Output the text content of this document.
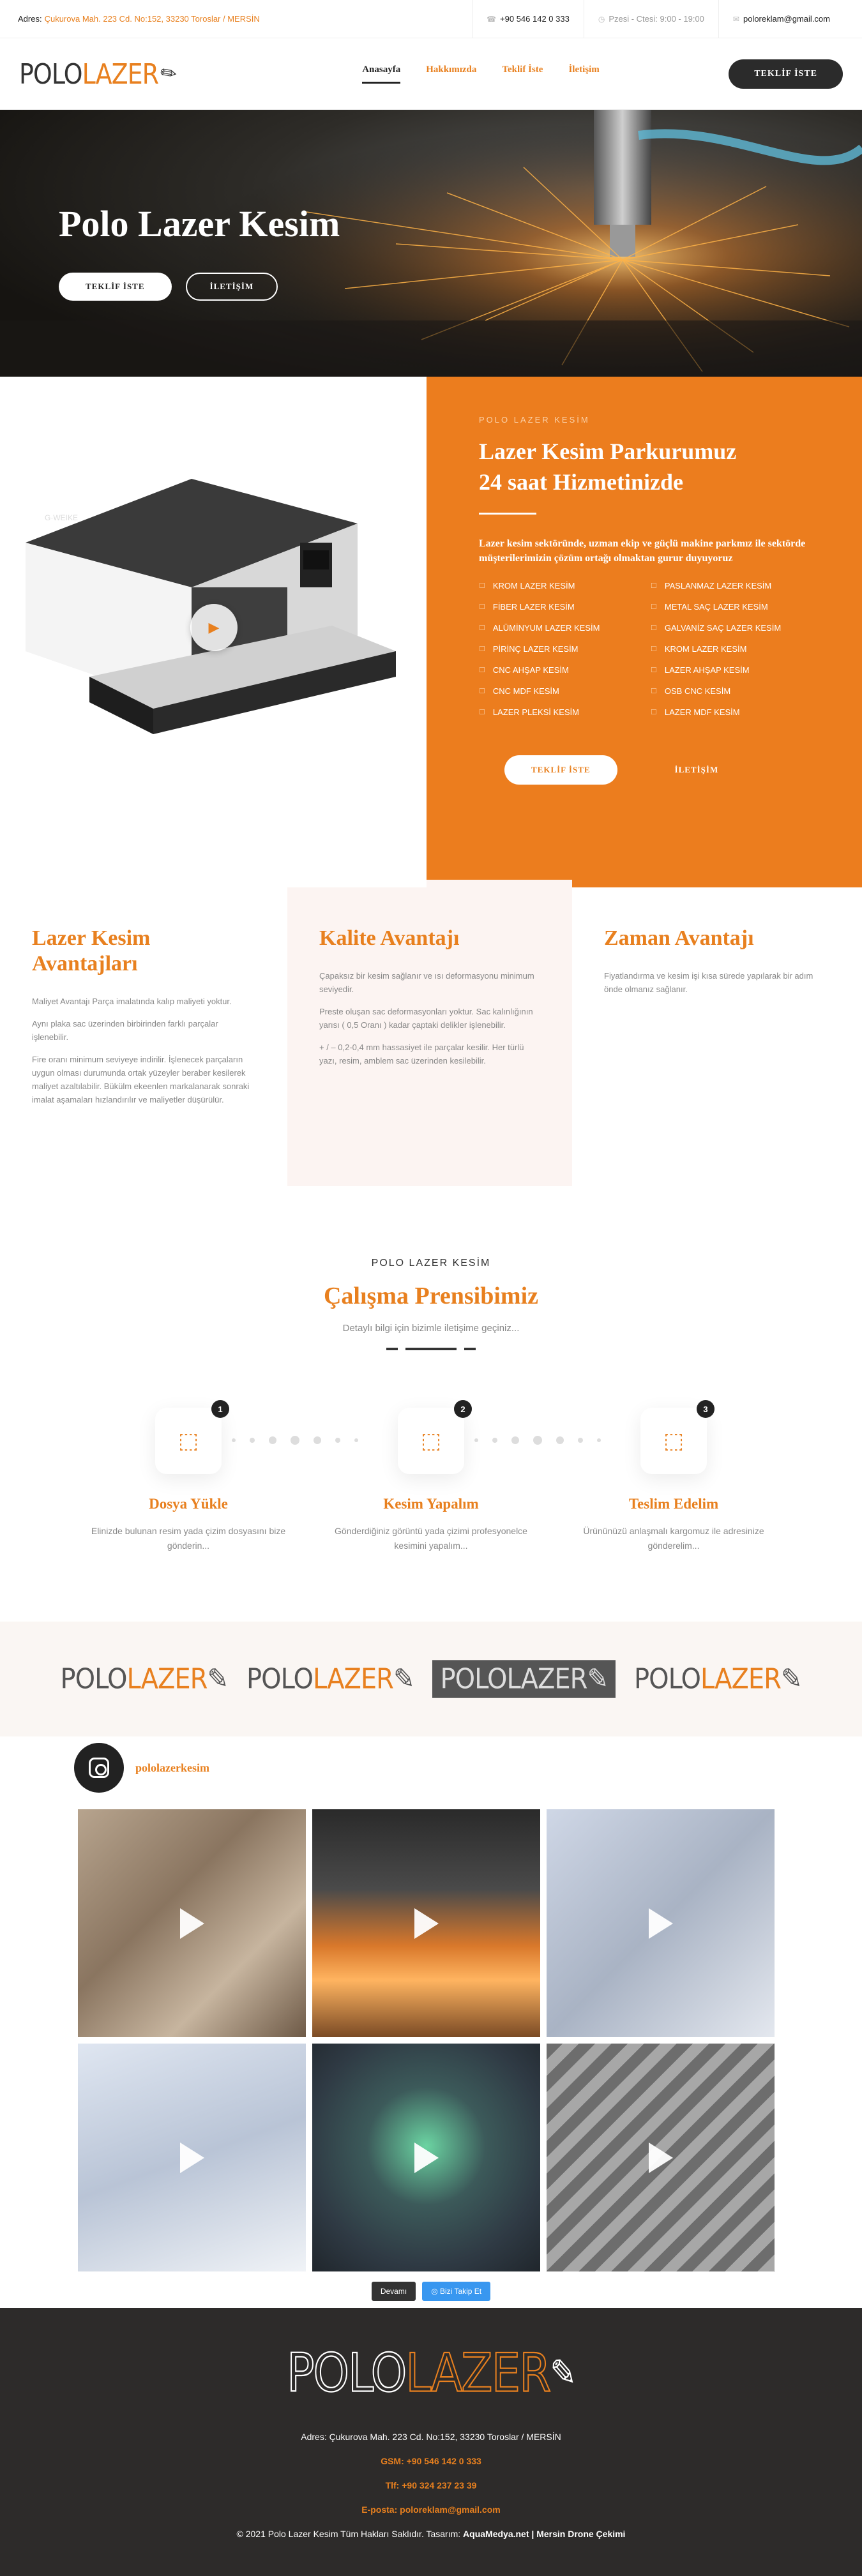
Adres: Çukurova Mah. 223 Cd. No:152, 33230 Toroslar / MERSİN	☎ +90 546 142 0 333	◷ Pzesi - Ctesi: 9:00 - 19:00	✉ poloreklam@gmail.com
POLO LAZER
✎	Anasayfa	Hakkımızda	Teklif İste	İletişim	TEKLİF İSTE
Polo Lazer Kesim
TEKLİF İSTE	İLETİŞİM
G·WEIKE
▶
POLO LAZER KESİM
Lazer Kesim Parkurumuz
24 saat Hizmetinizde

Lazer kesim sektöründe, uzman ekip ve güçlü makine parkmız ile sektörde müşterilerimizin çözüm ortağı olmaktan gurur duyuyoruz

☐ KROM LAZER KESİM	☐ PASLANMAZ LAZER KESİM
☐ FİBER LAZER KESİM	☐ METAL SAÇ LAZER KESİM
☐ ALÜMİNYUM LAZER KESİM	☐ GALVANİZ SAÇ LAZER KESİM
☐ PİRİNÇ LAZER KESİM	☐ KROM LAZER KESİM
☐ CNC AHŞAP KESİM	☐ LAZER AHŞAP KESİM
☐ CNC MDF KESİM	☐ OSB CNC KESİM
☐ LAZER PLEKSİ KESİM	☐ LAZER MDF KESİM
TEKLİF İSTE	İLETİŞİM
Lazer Kesim Avantajları

Maliyet Avantajı Parça imalatında kalıp maliyeti yoktur.

Aynı plaka sac üzerinden birbirinden farklı parçalar işlenebilir.

Fire oranı minimum seviyeye indirilir. İşlenecek parçaların uygun olması durumunda ortak yüzeyler beraber kesilerek maliyet azaltılabilir. Bükülm ekeenlen markalanarak sonraki imalat aşamaları hızlandırılır ve maliyetler düşürülür.

Kalite Avantajı

Çapaksız bir kesim sağlanır ve ısı deformasyonu minimum seviyedir.

Preste oluşan sac deformasyonları yoktur. Sac kalınlığının yarısı ( 0,5 Oranı ) kadar çaptaki delikler işlenebilir.

+ / – 0,2-0,4 mm hassasiyet ile parçalar kesilir. Her türlü yazı, resim, amblem sac üzerinden kesilebilir.

Zaman Avantajı

Fiyatlandırma ve kesim işi kısa sürede yapılarak bir adım önde olmanız sağlanır.

POLO LAZER KESİM
Çalışma Prensibimiz
Detaylı bilgi için bizimle iletişime geçiniz...
⬚
1
Dosya Yükle

Elinizde bulunan resim yada çizim dosyasını bize gönderin...

⬚
2
Kesim Yapalım

Gönderdiğiniz görüntü yada çizimi profesyonelce kesimini yapalım...

⬚
3
Teslim Edelim

Ürününüzü anlaşmalı kargomuz ile adresinize gönderelim...

POLO LAZER ✎ POLO LAZER ✎ POLO LAZER ✎ POLO LAZER ✎
pololazerkesim
Devamı	◎ Bizi Takip Et
POLO LAZER ✎
Adres: Çukurova Mah. 223 Cd. No:152, 33230 Toroslar / MERSİN
GSM: +90 546 142 0 333
Tlf: +90 324 237 23 39
E-posta: poloreklam@gmail.com
© 2021 Polo Lazer Kesim Tüm Hakları Saklıdır. Tasarım: AquaMedya.net | Mersin Drone Çekimi
